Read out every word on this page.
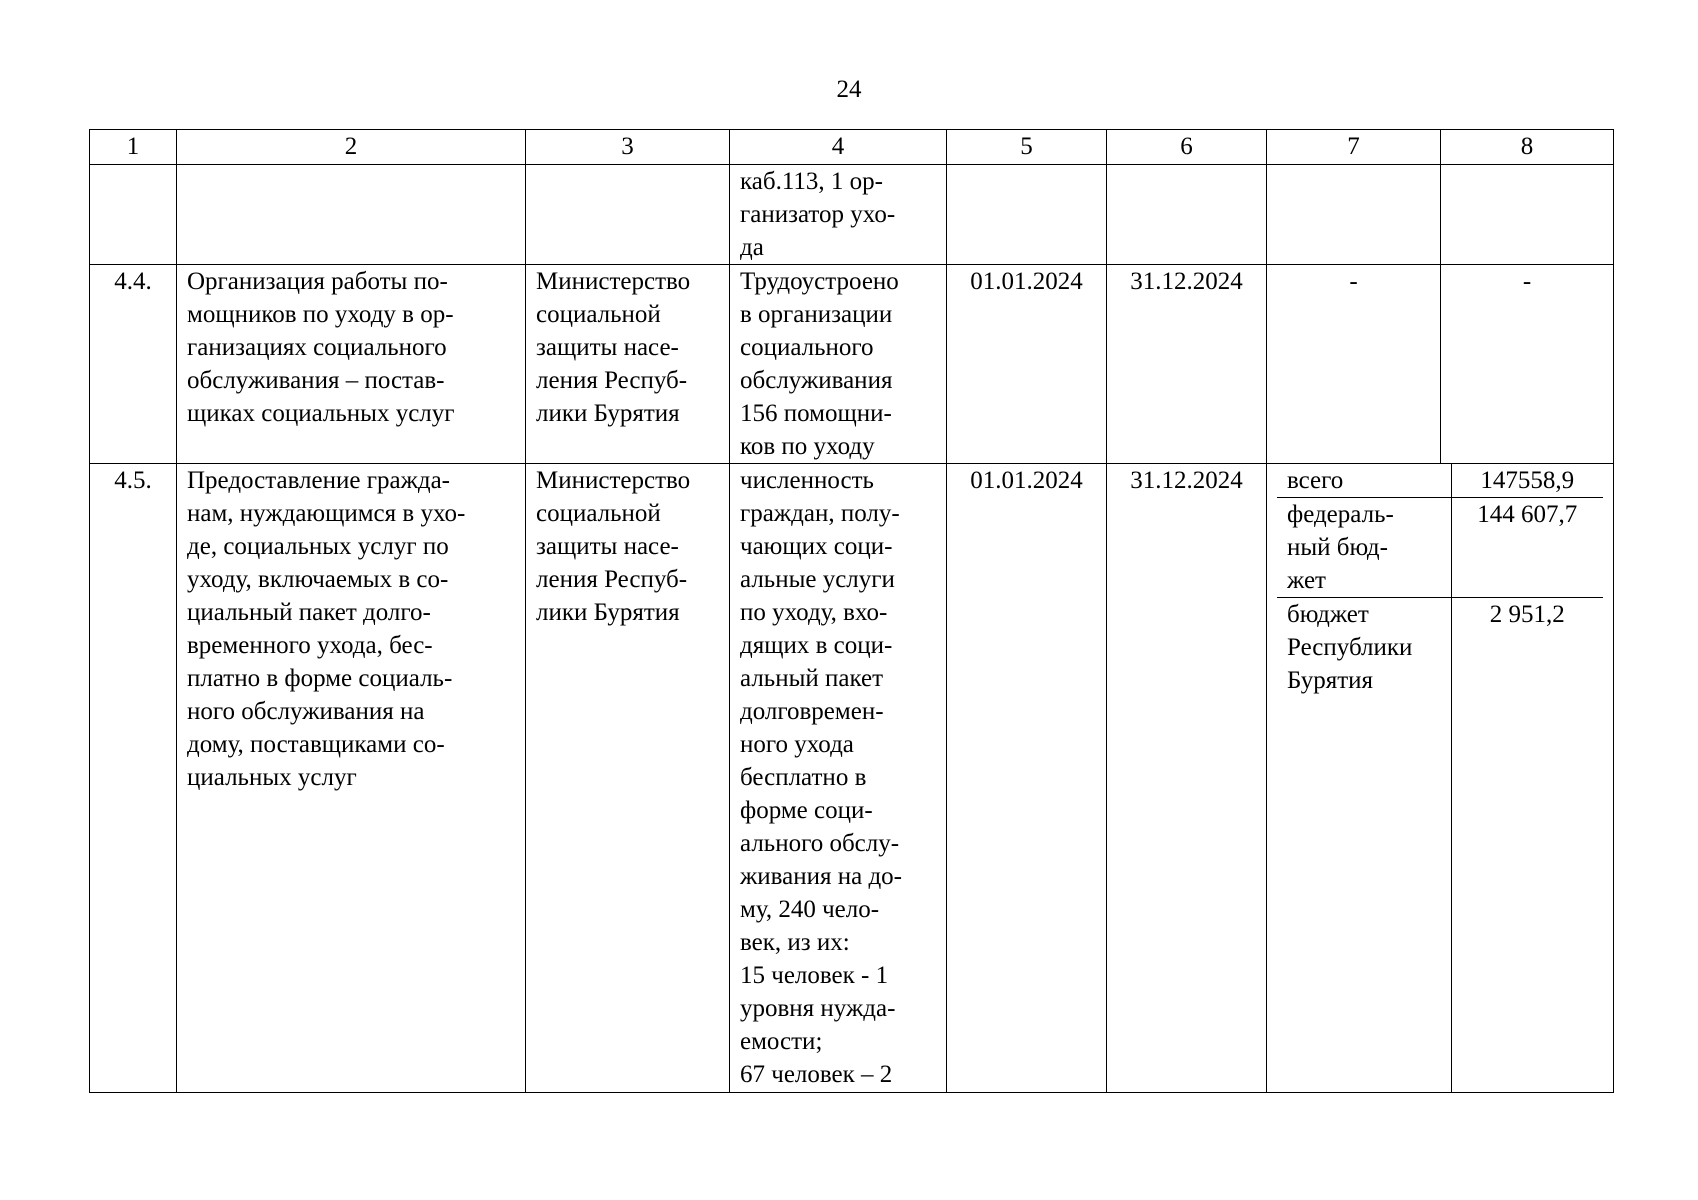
24
1	2	3	4	5	6	7	8
			каб.113, 1 ор-
ганизатор ухо-
да				
4.4.	Организация работы по-
мощников по уходу в ор-
ганизациях социального
обслуживания – постав-
щиках социальных услуг	Министерство
социальной
защиты насе-
ления Респуб-
лики Бурятия	Трудоустроено
в организации
социального
обслуживания
156 помощни-
ков по уходу	01.01.2024	31.12.2024	-	-
4.5.	Предоставление гражда-
нам, нуждающимся в ухо-
де, социальных услуг по
уходу, включаемых в со-
циальный пакет долго-
временного ухода, бес-
платно в форме социаль-
ного обслуживания на
дому, поставщиками со-
циальных услуг	Министерство
социальной
защиты насе-
ления Респуб-
лики Бурятия	численность
граждан, полу-
чающих соци-
альные услуги
по уходу, вхо-
дящих в соци-
альный пакет
долговремен-
ного ухода
бесплатно в
форме соци-
ального обслу-
живания на до-
му, 240 чело-
век, из их:
15 человек - 1
уровня нужда-
емости;
67 человек – 2	01.01.2024	31.12.2024	всего	147558,9
федераль-
ный бюд-
жет	144 607,7
бюджет
Республики
Бурятия	2 951,2
